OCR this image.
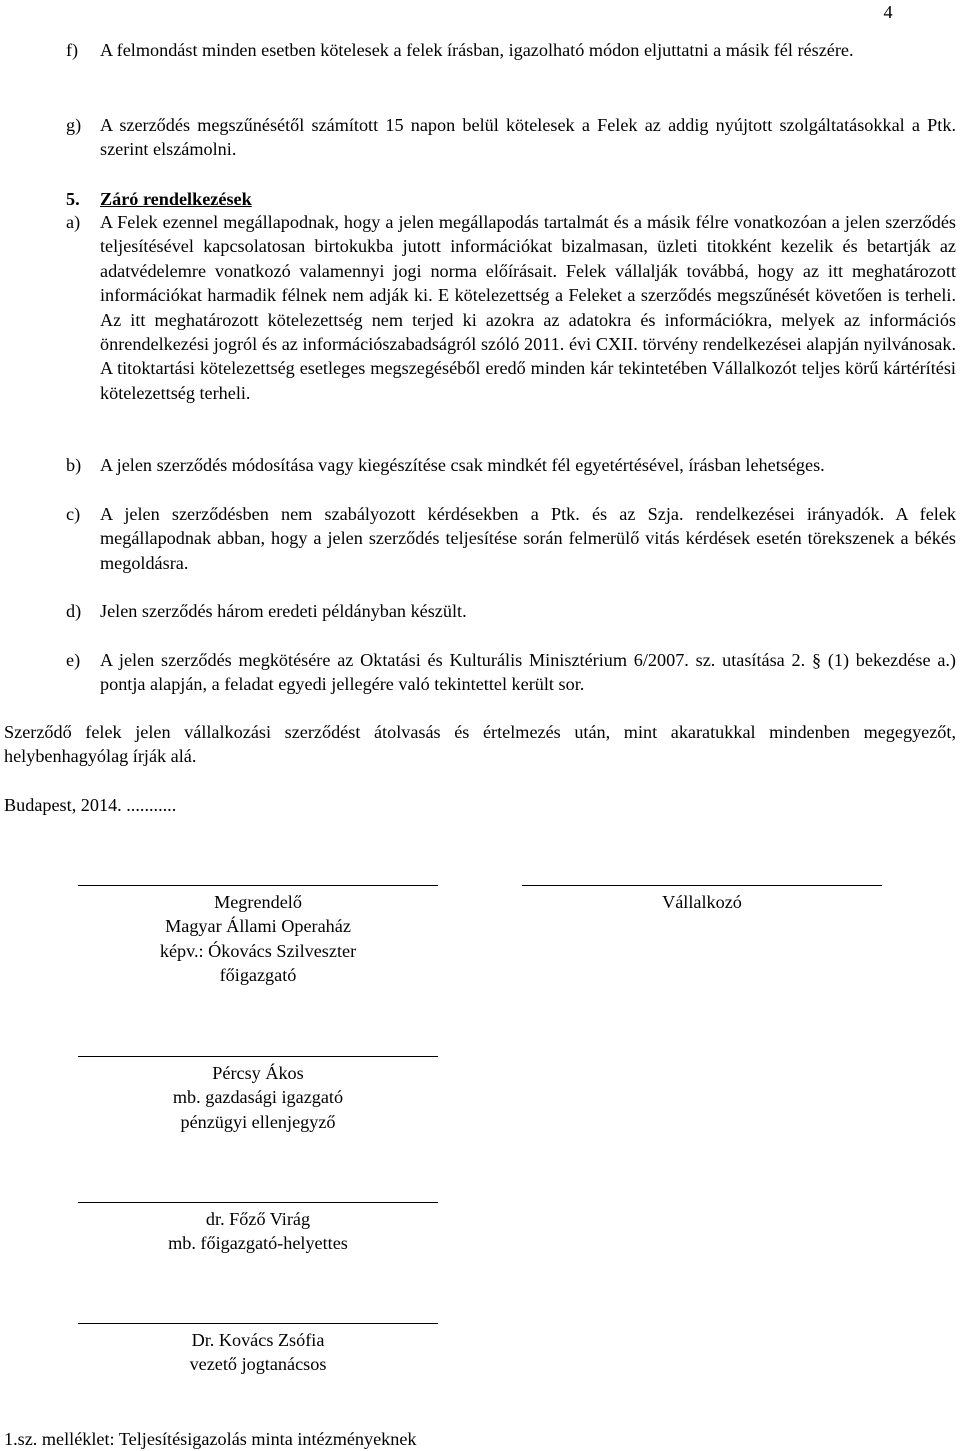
4
f)	A felmondást minden esetben kötelesek a felek írásban, igazolható módon eljuttatni a másik fél részére.
g)	A szerződés megszűnésétől számított 15 napon belül kötelesek a Felek az addig nyújtott szolgáltatásokkal a Ptk. szerint elszámolni.
5. Záró rendelkezések
a)	A Felek ezennel megállapodnak, hogy a jelen megállapodás tartalmát és a másik félre vonatkozóan a jelen szerződés teljesítésével kapcsolatosan birtokukba jutott információkat bizalmasan, üzleti titokként kezelik és betartják az adatvédelemre vonatkozó valamennyi jogi norma előírásait. Felek vállalják továbbá, hogy az itt meghatározott információkat harmadik félnek nem adják ki. E kötelezettség a Feleket a szerződés megszűnését követően is terheli. Az itt meghatározott kötelezettség nem terjed ki azokra az adatokra és információkra, melyek az információs önrendelkezési jogról és az információszabadságról szóló 2011. évi CXII. törvény rendelkezései alapján nyilvánosak. A titoktartási kötelezettség esetleges megszegéséből eredő minden kár tekintetében Vállalkozót teljes körű kártérítési kötelezettség terheli.
b)	A jelen szerződés módosítása vagy kiegészítése csak mindkét fél egyetértésével, írásban lehetséges.
c)	A jelen szerződésben nem szabályozott kérdésekben a Ptk. és az Szja. rendelkezései irányadók. A felek megállapodnak abban, hogy a jelen szerződés teljesítése során felmerülő vitás kérdések esetén törekszenek a békés megoldásra.
d)	Jelen szerződés három eredeti példányban készült.
e)	A jelen szerződés megkötésére az Oktatási és Kulturális Minisztérium 6/2007. sz. utasítása 2. § (1) bekezdése a.) pontja alapján, a feladat egyedi jellegére való tekintettel került sor.
Szerződő felek jelen vállalkozási szerződést átolvasás és értelmezés után, mint akaratukkal mindenben megegyezőt, helybenhagyólag írják alá.
Budapest, 2014. ...........
Megrendelő
Magyar Állami Operaház
képv.: Ókovács Szilveszter
főigazgató
Vállalkozó
Pércsy Ákos
mb. gazdasági igazgató
pénzügyi ellenjegyző
dr. Főző Virág
mb. főigazgató-helyettes
Dr. Kovács Zsófia
vezető jogtanácsos
1.sz. melléklet: Teljesítésigazolás minta intézményeknek
